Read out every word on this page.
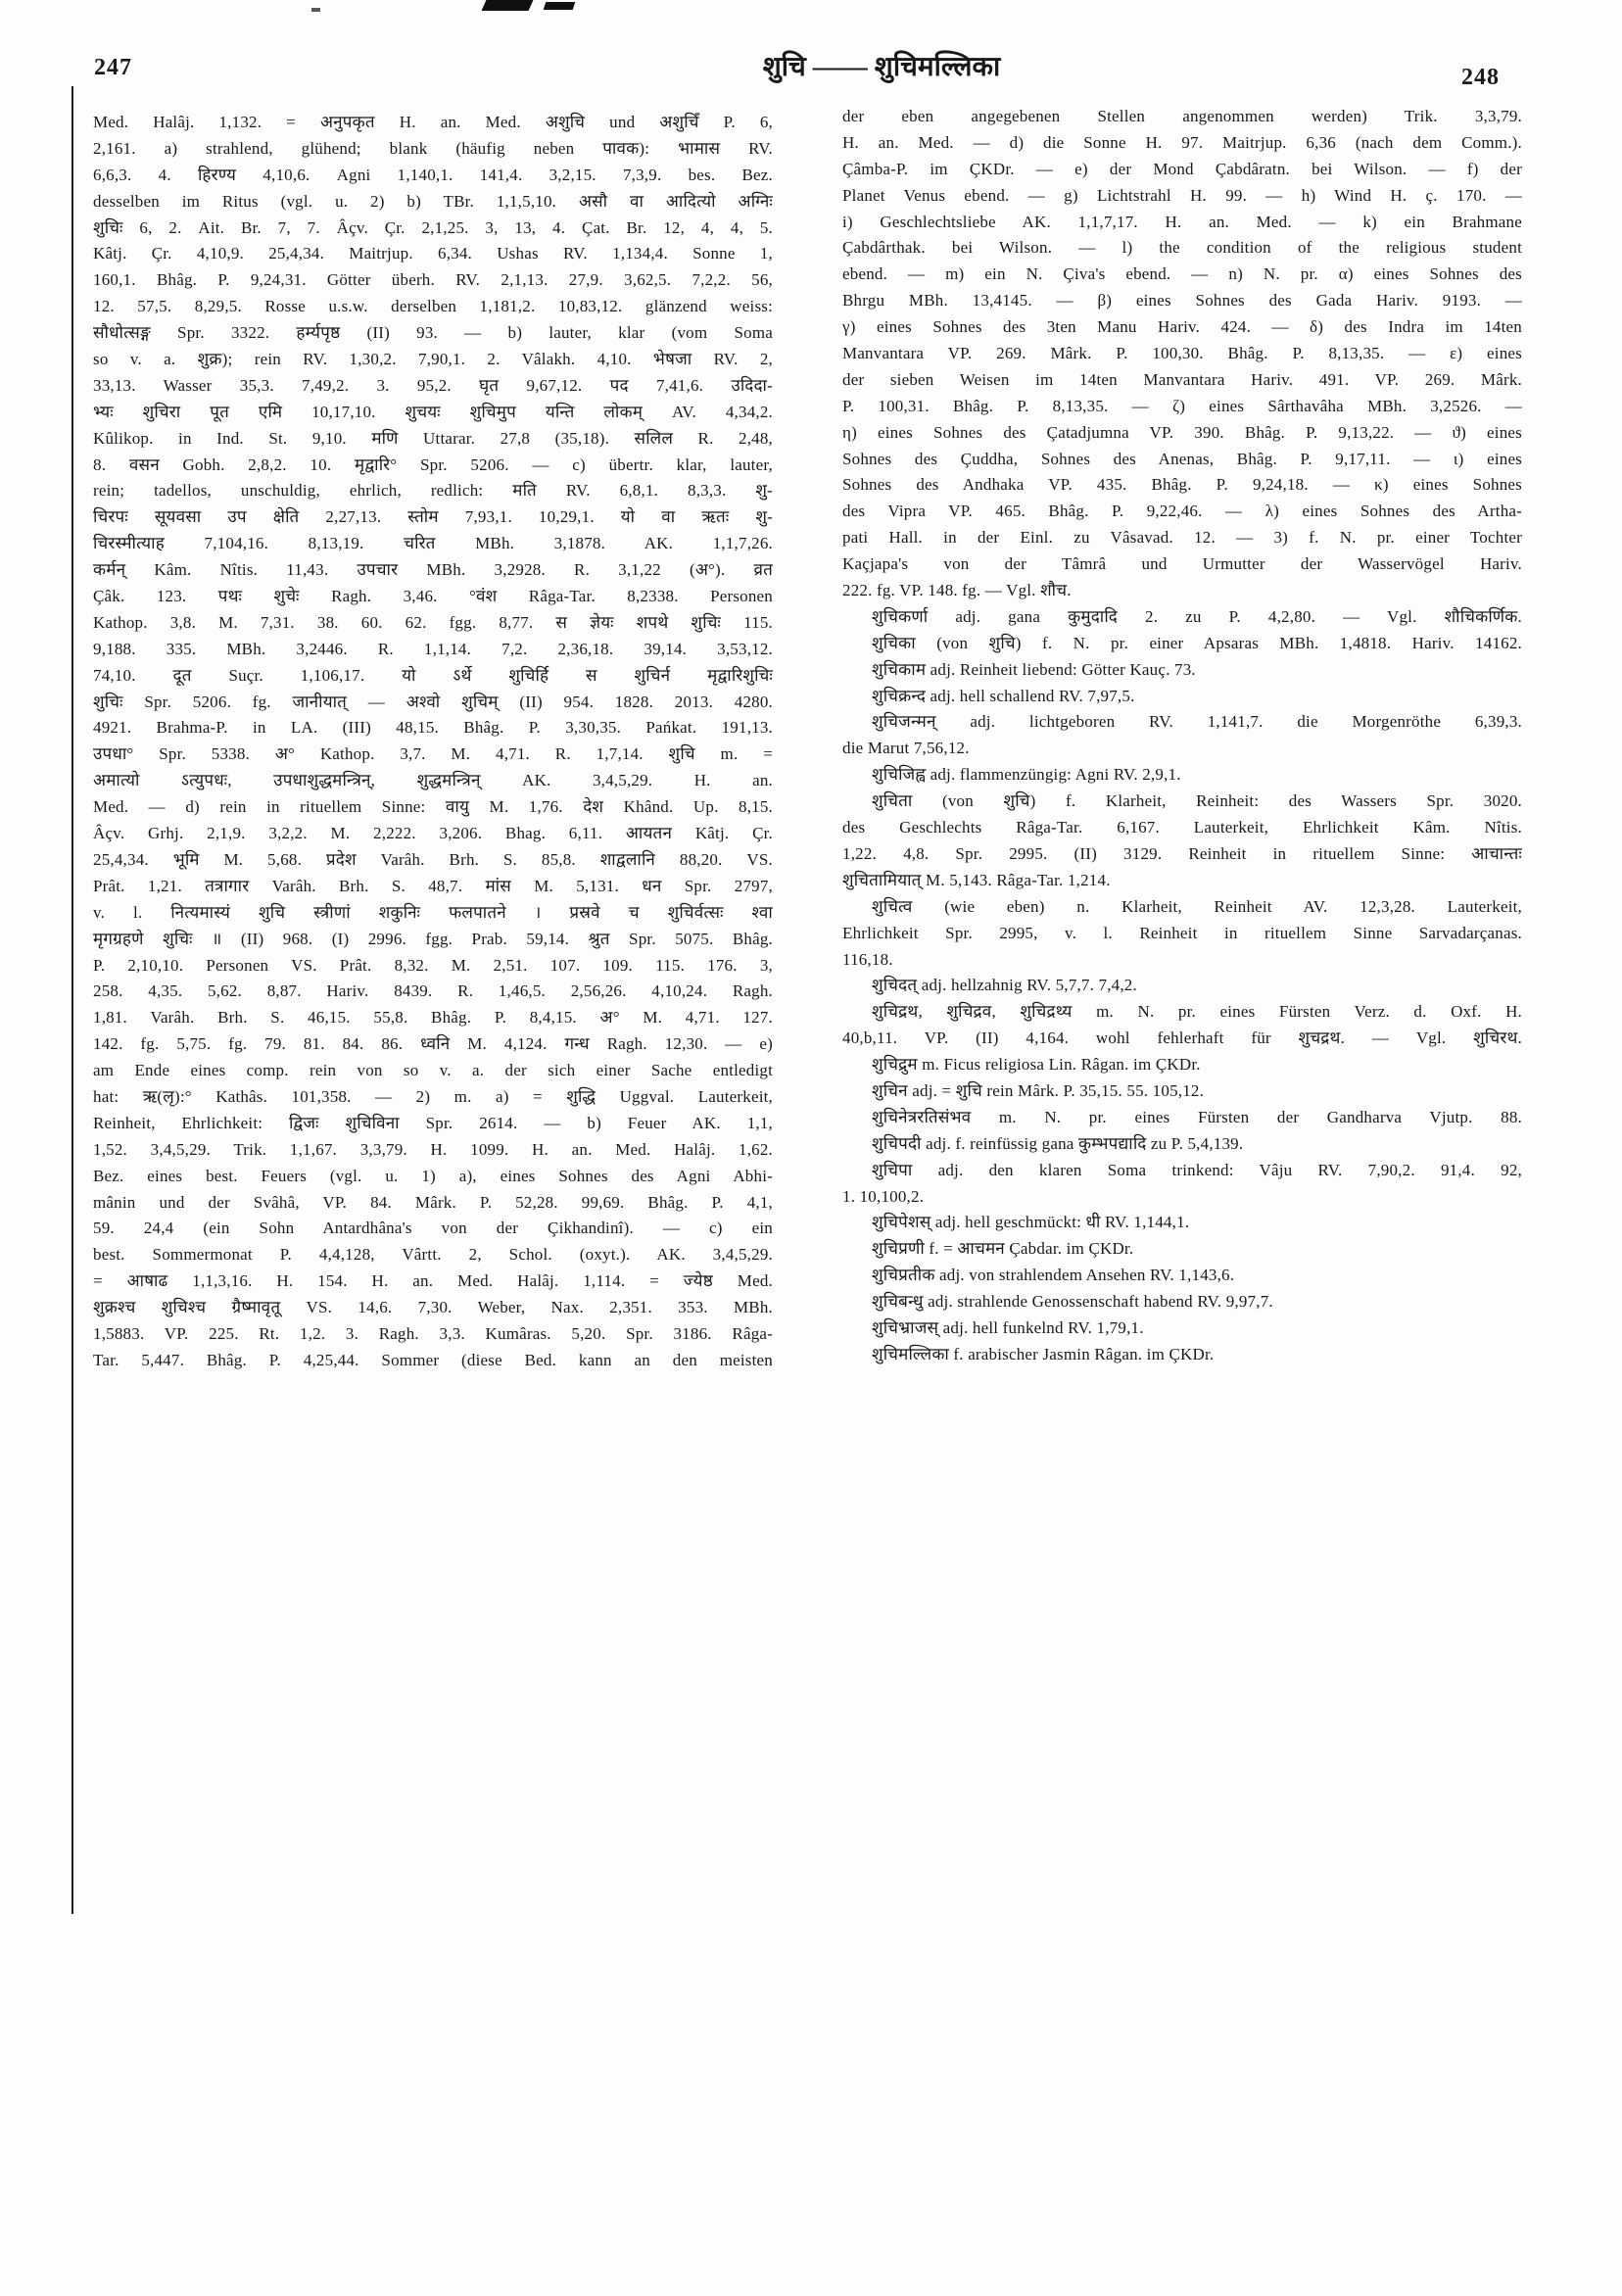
247	शुचि —— शुचिमल्लिका	248
Med. Halâj. 1,132. = अनुपकृत H. an. Med. अशुचि und अशुचिँ P. 6,
2,161. a) strahlend, glühend; blank (häufig neben पावक): भामास RV.
6,6,3. 4. हिरण्य 4,10,6. Agni 1,140,1. 141,4. 3,2,15. 7,3,9. bes. Bez.
desselben im Ritus (vgl. u. 2) b) TBr. 1,1,5,10. असौ वा आदित्यो अग्निः
शुचिः 6, 2. Ait. Br. 7, 7. Âçv. Çr. 2,1,25. 3, 13, 4. Çat. Br. 12, 4, 4, 5.
Kâtj. Çr. 4,10,9. 25,4,34. Maitrjup. 6,34. Ushas RV. 1,134,4. Sonne 1,
160,1. Bhâg. P. 9,24,31. Götter überh. RV. 2,1,13. 27,9. 3,62,5. 7,2,2. 56,
12. 57,5. 8,29,5. Rosse u.s.w. derselben 1,181,2. 10,83,12. glänzend weiss:
सौधोत्सङ्ग Spr. 3322. हर्म्यपृष्ठ (II) 93. — b) lauter, klar (vom Soma
so v. a. शुक्र); rein RV. 1,30,2. 7,90,1. 2. Vâlakh. 4,10. भेषजा RV. 2,
33,13. Wasser 35,3. 7,49,2. 3. 95,2. घृत 9,67,12. पद 7,41,6. उदिदा-
भ्यः शुचिरा पूत एमि 10,17,10. शुचयः शुचिमुप यन्ति लोकम् AV. 4,34,2.
Kûlikop. in Ind. St. 9,10. मणि Uttarar. 27,8 (35,18). सलिल R. 2,48,
8. वसन Gobh. 2,8,2. 10. मृद्वारि° Spr. 5206. — c) übertr. klar, lauter,
rein; tadellos, unschuldig, ehrlich, redlich: मति RV. 6,8,1. 8,3,3. शु-
चिरपः सूयवसा उप क्षेति 2,27,13. स्तोम 7,93,1. 10,29,1. यो वा ऋतः शु-
चिरस्मीत्याह 7,104,16. 8,13,19. चरित MBh. 3,1878. AK. 1,1,7,26.
कर्मन् Kâm. Nîtis. 11,43. उपचार MBh. 3,2928. R. 3,1,22 (अ°). व्रत
Çâk. 123. पथः शुचेः Ragh. 3,46. °वंश Râga-Tar. 8,2338. Personen
Kathop. 3,8. M. 7,31. 38. 60. 62. fgg. 8,77. स ज्ञेयः शपथे शुचिः 115.
9,188. 335. MBh. 3,2446. R. 1,1,14. 7,2. 2,36,18. 39,14. 3,53,12.
74,10. दूत Suçr. 1,106,17. यो ऽर्थे शुचिर्हि स शुचिर्न मृद्वारिशुचिः
शुचिः Spr. 5206. fg. जानीयात् — अश्वो शुचिम् (II) 954. 1828. 2013. 4280.
4921. Brahma-P. in LA. (III) 48,15. Bhâg. P. 3,30,35. Pańkat. 191,13.
उपधा° Spr. 5338. अ° Kathop. 3,7. M. 4,71. R. 1,7,14. शुचि m. =
अमात्यो ऽत्युपधः, उपधाशुद्धमन्त्रिन्, शुद्धमन्त्रिन् AK. 3,4,5,29. H. an.
Med. — d) rein in rituellem Sinne: वायु M. 1,76. देश Khând. Up. 8,15.
Âçv. Grhj. 2,1,9. 3,2,2. M. 2,222. 3,206. Bhag. 6,11. आयतन Kâtj. Çr.
25,4,34. भूमि M. 5,68. प्रदेश Varâh. Brh. S. 85,8. शाद्वलानि 88,20. VS.
Prât. 1,21. तत्रागार Varâh. Brh. S. 48,7. मांस M. 5,131. धन Spr. 2797,
v. l. नित्यमास्यं शुचि स्त्रीणां शकुनिः फलपातने । प्रस्रवे च शुचिर्वत्सः श्वा
मृगग्रहणे शुचिः ॥ (II) 968. (I) 2996. fgg. Prab. 59,14. श्रुत Spr. 5075. Bhâg.
P. 2,10,10. Personen VS. Prât. 8,32. M. 2,51. 107. 109. 115. 176. 3,
258. 4,35. 5,62. 8,87. Hariv. 8439. R. 1,46,5. 2,56,26. 4,10,24. Ragh.
1,81. Varâh. Brh. S. 46,15. 55,8. Bhâg. P. 8,4,15. अ° M. 4,71. 127.
142. fg. 5,75. fg. 79. 81. 84. 86. ध्वनि M. 4,124. गन्ध Ragh. 12,30. — e)
am Ende eines comp. rein von so v. a. der sich einer Sache entledigt
hat: ऋ(लृ):° Kathâs. 101,358. — 2) m. a) = शुद्धि Uggval. Lauterkeit,
Reinheit, Ehrlichkeit: द्विजः शुचिविना Spr. 2614. — b) Feuer AK. 1,1,
1,52. 3,4,5,29. Trik. 1,1,67. 3,3,79. H. 1099. H. an. Med. Halâj. 1,62.
Bez. eines best. Feuers (vgl. u. 1) a), eines Sohnes des Agni Abhi-
mânin und der Svâhâ, VP. 84. Mârk. P. 52,28. 99,69. Bhâg. P. 4,1,
59. 24,4 (ein Sohn Antardhâna's von der Çikhandinî). — c) ein
best. Sommermonat P. 4,4,128, Vârtt. 2, Schol. (oxyt.). AK. 3,4,5,29.
= आषाढ 1,1,3,16. H. 154. H. an. Med. Halâj. 1,114. = ज्येष्ठ Med.
शुक्रश्च शुचिश्च ग्रैष्मावृतू VS. 14,6. 7,30. Weber, Nax. 2,351. 353. MBh.
1,5883. VP. 225. Rt. 1,2. 3. Ragh. 3,3. Kumâras. 5,20. Spr. 3186. Râga-
Tar. 5,447. Bhâg. P. 4,25,44. Sommer (diese Bed. kann an den meisten
der eben angegebenen Stellen angenommen werden) Trik. 3,3,79.
H. an. Med. — d) die Sonne H. 97. Maitrjup. 6,36 (nach dem Comm.).
Çâmba-P. im ÇKDr. — e) der Mond Çabdâratn. bei Wilson. — f) der
Planet Venus ebend. — g) Lichtstrahl H. 99. — h) Wind H. ç. 170. —
i) Geschlechtsliebe AK. 1,1,7,17. H. an. Med. — k) ein Brahmane
Çabdârthak. bei Wilson. — l) the condition of the religious student
ebend. — m) ein N. Çiva's ebend. — n) N. pr. α) eines Sohnes des
Bhrgu MBh. 13,4145. — β) eines Sohnes des Gada Hariv. 9193. —
γ) eines Sohnes des 3ten Manu Hariv. 424. — δ) des Indra im 14ten
Manvantara VP. 269. Mârk. P. 100,30. Bhâg. P. 8,13,35. — ε) eines
der sieben Weisen im 14ten Manvantara Hariv. 491. VP. 269. Mârk.
P. 100,31. Bhâg. P. 8,13,35. — ζ) eines Sârthavâha MBh. 3,2526. —
η) eines Sohnes des Çatadjumna VP. 390. Bhâg. P. 9,13,22. — ϑ) eines
Sohnes des Çuddha, Sohnes des Anenas, Bhâg. P. 9,17,11. — ι) eines
Sohnes des Andhaka VP. 435. Bhâg. P. 9,24,18. — κ) eines Sohnes
des Vipra VP. 465. Bhâg. P. 9,22,46. — λ) eines Sohnes des Artha-
pati Hall. in der Einl. zu Vâsavad. 12. — 3) f. N. pr. einer Tochter
Kaçjapa's von der Tâmrâ und Urmutter der Wasservögel Hariv.
222. fg. VP. 148. fg. — Vgl. शौच.
शुचिकर्णा adj. gana कुमुदादि 2. zu P. 4,2,80. — Vgl. शौचिकर्णिक.
शुचिका (von शुचि) f. N. pr. einer Apsaras MBh. 1,4818. Hariv. 14162.
शुचिकाम adj. Reinheit liebend: Götter Kauç. 73.
शुचिक्रन्द adj. hell schallend RV. 7,97,5.
शुचिजन्मन् adj. lichtgeboren RV. 1,141,7. die Morgenröthe 6,39,3.
die Marut 7,56,12.
शुचिजिह्व adj. flammenzüngig: Agni RV. 2,9,1.
शुचिता (von शुचि) f. Klarheit, Reinheit: des Wassers Spr. 3020.
des Geschlechts Râga-Tar. 6,167. Lauterkeit, Ehrlichkeit Kâm. Nîtis.
1,22. 4,8. Spr. 2995. (II) 3129. Reinheit in rituellem Sinne: आचान्तः
शुचितामियात् M. 5,143. Râga-Tar. 1,214.
शुचित्व (wie eben) n. Klarheit, Reinheit AV. 12,3,28. Lauterkeit,
Ehrlichkeit Spr. 2995, v. l. Reinheit in rituellem Sinne Sarvadarçanas.
116,18.
शुचिदत् adj. hellzahnig RV. 5,7,7. 7,4,2.
शुचिद्रथ, शुचिद्रव, शुचिद्रथ्य m. N. pr. eines Fürsten Verz. d. Oxf. H.
40,b,11. VP. (II) 4,164. wohl fehlerhaft für शुचद्रथ. — Vgl. शुचिरथ.
शुचिद्रुम m. Ficus religiosa Lin. Râgan. im ÇKDr.
शुचिन adj. = शुचि rein Mârk. P. 35,15. 55. 105,12.
शुचिनेत्ररतिसंभव m. N. pr. eines Fürsten der Gandharva Vjutp. 88.
शुचिपदी adj. f. reinfüssig gana कुम्भपद्यादि zu P. 5,4,139.
शुचिपा adj. den klaren Soma trinkend: Vâju RV. 7,90,2. 91,4. 92,
1. 10,100,2.
शुचिपेशस् adj. hell geschmückt: धी RV. 1,144,1.
शुचिप्रणी f. = आचमन Çabdar. im ÇKDr.
शुचिप्रतीक adj. von strahlendem Ansehen RV. 1,143,6.
शुचिबन्धु adj. strahlende Genossenschaft habend RV. 9,97,7.
शुचिभ्राजस् adj. hell funkelnd RV. 1,79,1.
शुचिमल्लिका f. arabischer Jasmin Râgan. im ÇKDr.
